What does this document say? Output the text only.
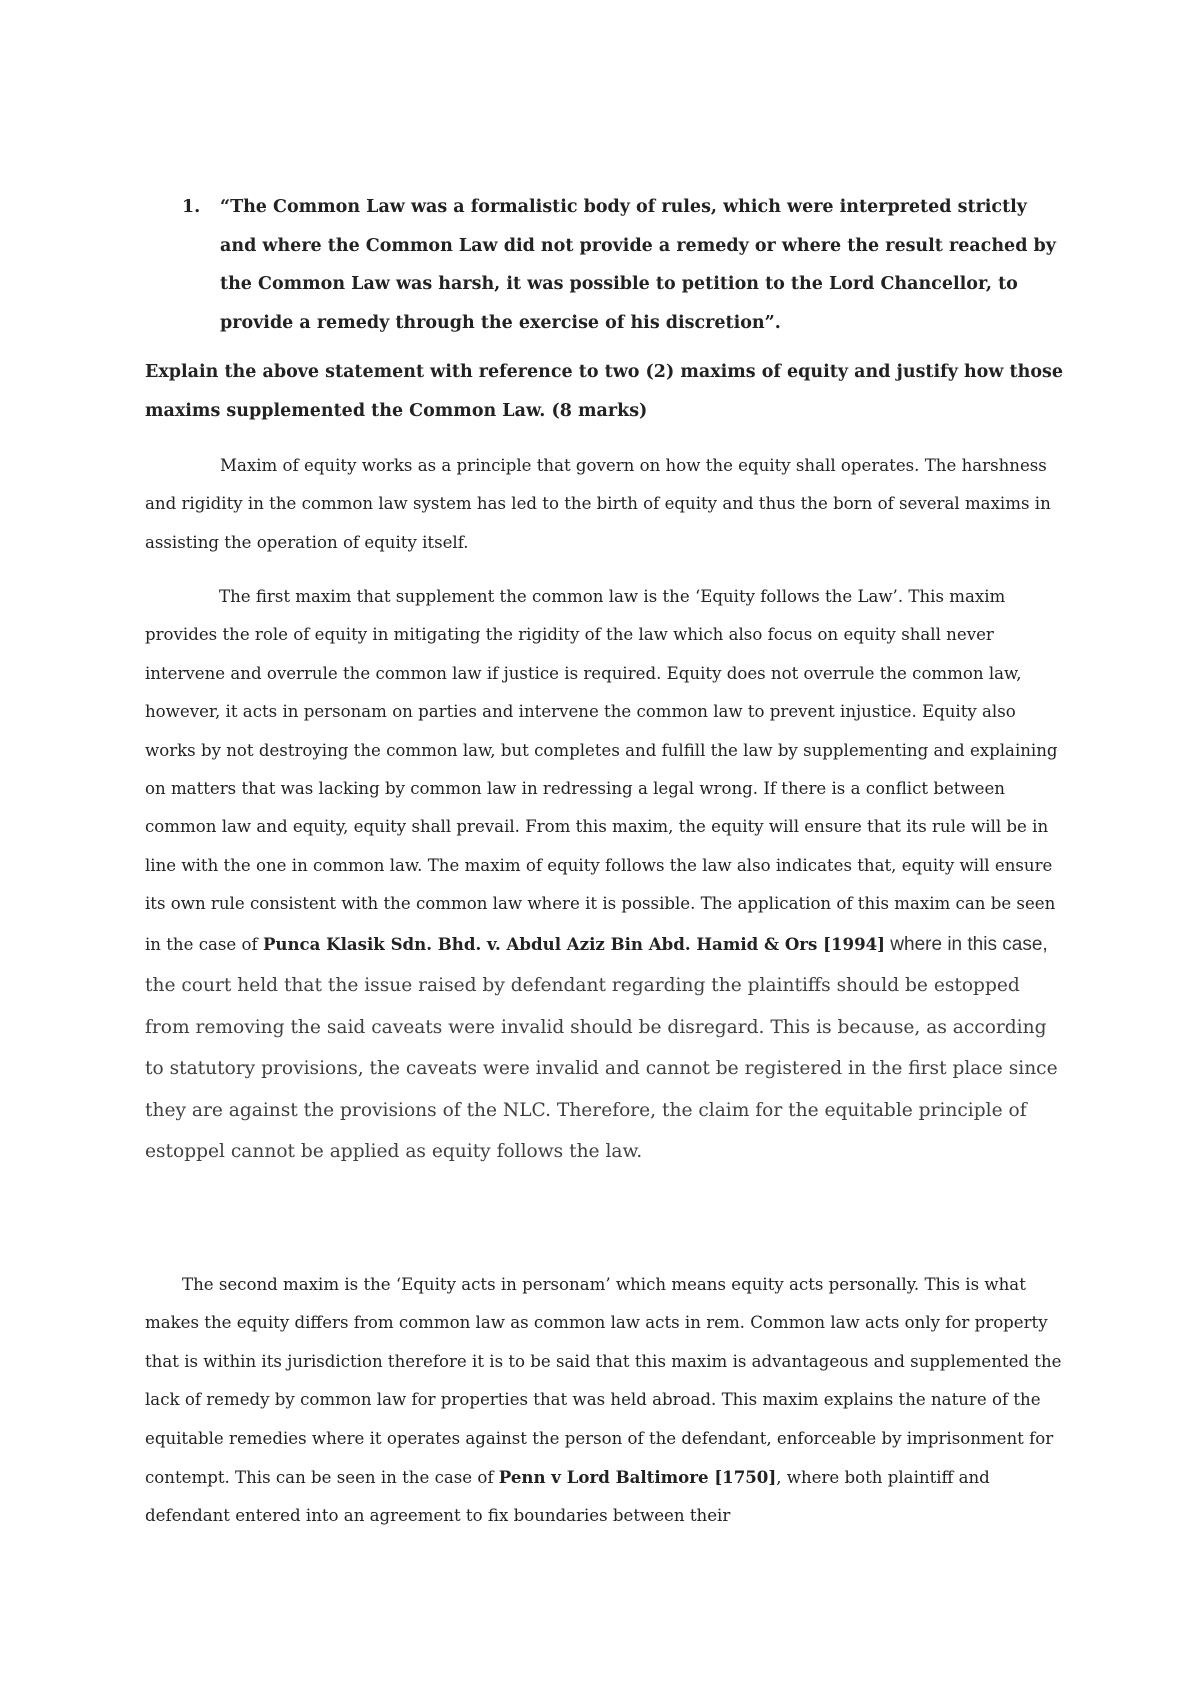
1. “The Common Law was a formalistic body of rules, which were interpreted strictly and where the Common Law did not provide a remedy or where the result reached by the Common Law was harsh, it was possible to petition to the Lord Chancellor, to provide a remedy through the exercise of his discretion”.

Explain the above statement with reference to two (2) maxims of equity and justify how those maxims supplemented the Common Law. (8 marks)

Maxim of equity works as a principle that govern on how the equity shall operates. The harshness and rigidity in the common law system has led to the birth of equity and thus the born of several maxims in assisting the operation of equity itself.

The first maxim that supplement the common law is the ‘Equity follows the Law’. This maxim provides the role of equity in mitigating the rigidity of the law which also focus on equity shall never intervene and overrule the common law if justice is required. Equity does not overrule the common law, however, it acts in personam on parties and intervene the common law to prevent injustice. Equity also works by not destroying the common law, but completes and fulfill the law by supplementing and explaining on matters that was lacking by common law in redressing a legal wrong. If there is a conflict between common law and equity, equity shall prevail. From this maxim, the equity will ensure that its rule will be in line with the one in common law. The maxim of equity follows the law also indicates that, equity will ensure its own rule consistent with the common law where it is possible. The application of this maxim can be seen in the case of Punca Klasik Sdn. Bhd. v. Abdul Aziz Bin Abd. Hamid & Ors [1994] where in this case, the court held that the issue raised by defendant regarding the plaintiffs should be estopped from removing the said caveats were invalid should be disregard. This is because, as according to statutory provisions, the caveats were invalid and cannot be registered in the first place since they are against the provisions of the NLC. Therefore, the claim for the equitable principle of estoppel cannot be applied as equity follows the law.

The second maxim is the ‘Equity acts in personam’ which means equity acts personally. This is what makes the equity differs from common law as common law acts in rem. Common law acts only for property that is within its jurisdiction therefore it is to be said that this maxim is advantageous and supplemented the lack of remedy by common law for properties that was held abroad. This maxim explains the nature of the equitable remedies where it operates against the person of the defendant, enforceable by imprisonment for contempt. This can be seen in the case of Penn v Lord Baltimore [1750], where both plaintiff and defendant entered into an agreement to fix boundaries between their
